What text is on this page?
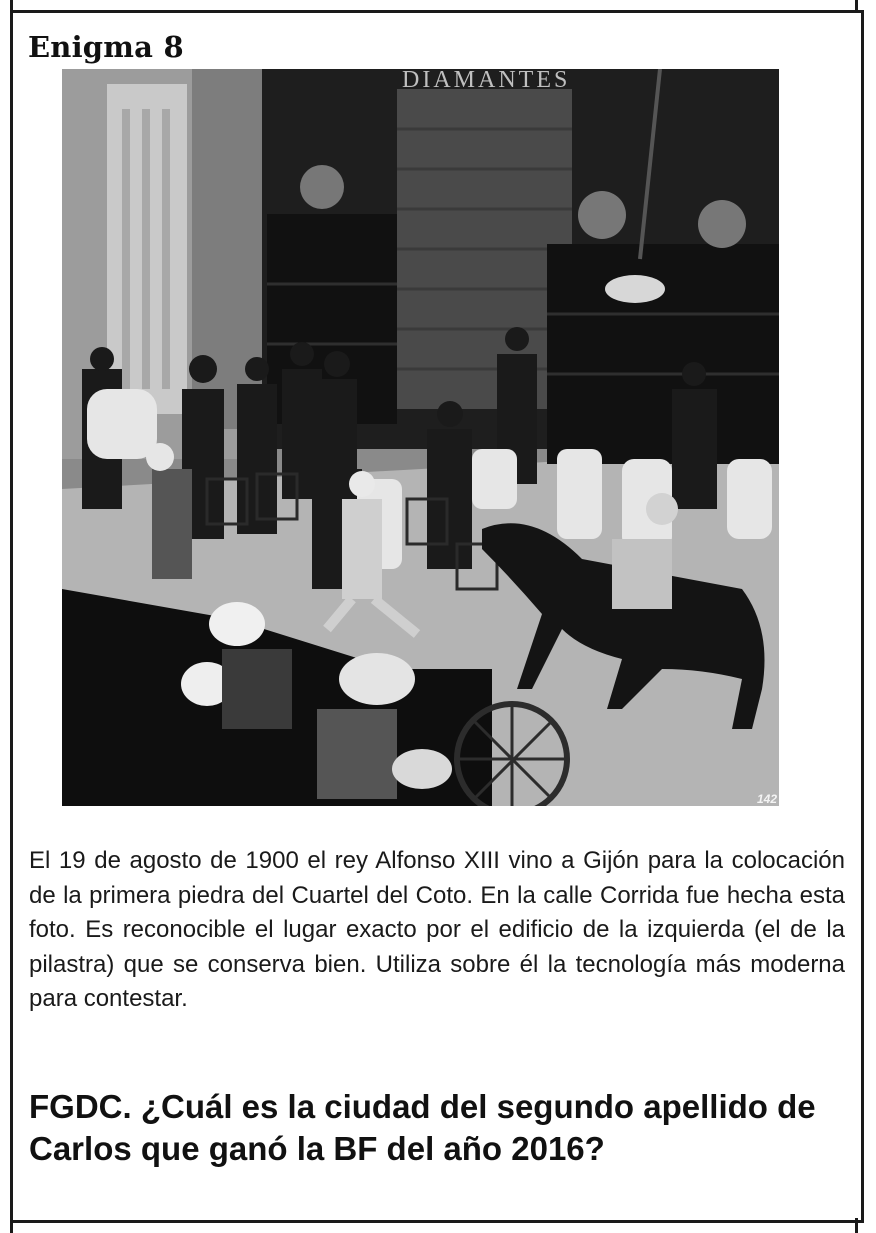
Enigma 8
DIAMANTES
142

El 19 de agosto de 1900 el rey Alfonso XIII vino a Gijón para la colocación de la primera piedra del Cuartel del Coto. En la calle Corrida fue hecha esta foto. Es reconocible el lugar exacto por el edificio de la izquierda (el de la pilastra) que se conserva bien. Utiliza sobre él la tecnología más moderna para contestar.

FGDC. ¿Cuál es la ciudad del segundo apellido de Carlos que ganó la BF del año 2016?
